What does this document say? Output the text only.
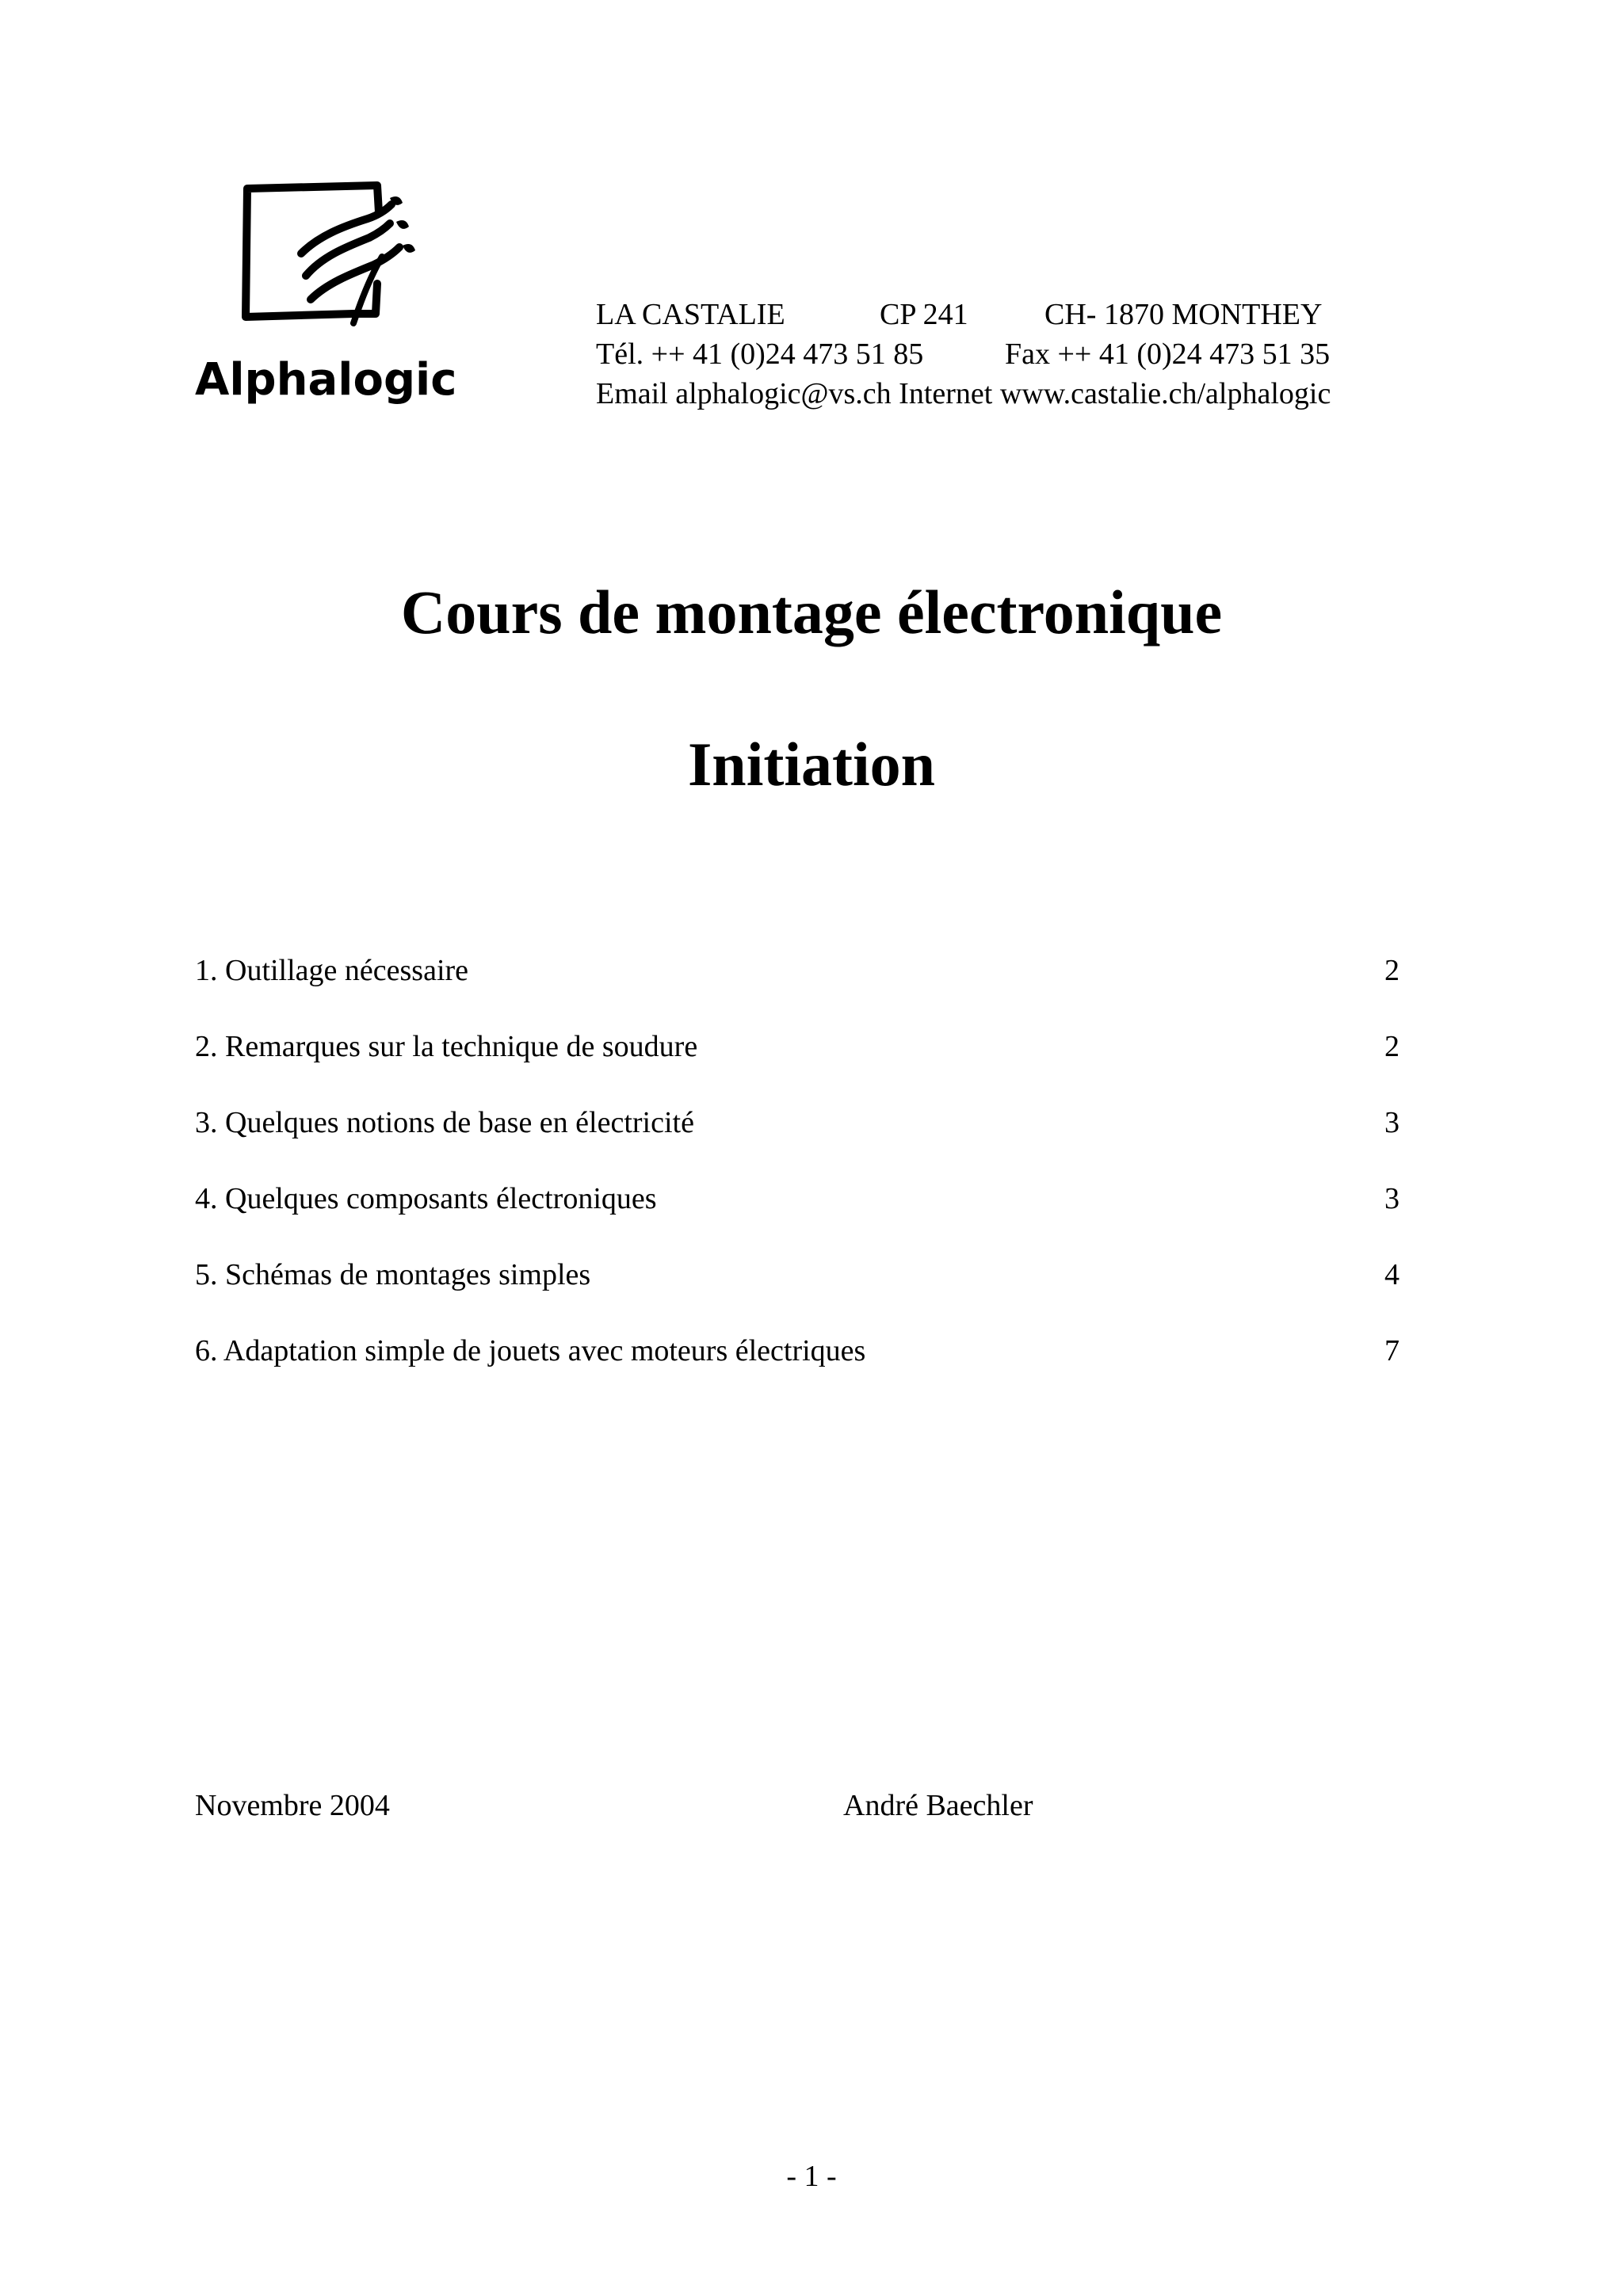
Alphalogic
LA CASTALIE	CP 241	CH- 1870 MONTHEY
Tél. ++ 41 (0)24 473 51 85	Fax ++ 41 (0)24 473 51 35
Email alphalogic@vs.ch Internet www.castalie.ch/alphalogic
Cours de montage électronique
Initiation
1. Outillage nécessaire	2
2. Remarques sur la technique de soudure	2
3. Quelques notions de base en électricité	3
4. Quelques composants électroniques	3
5. Schémas de montages simples	4
6. Adaptation simple de jouets avec moteurs électriques	7
Novembre 2004	André Baechler
- 1 -
